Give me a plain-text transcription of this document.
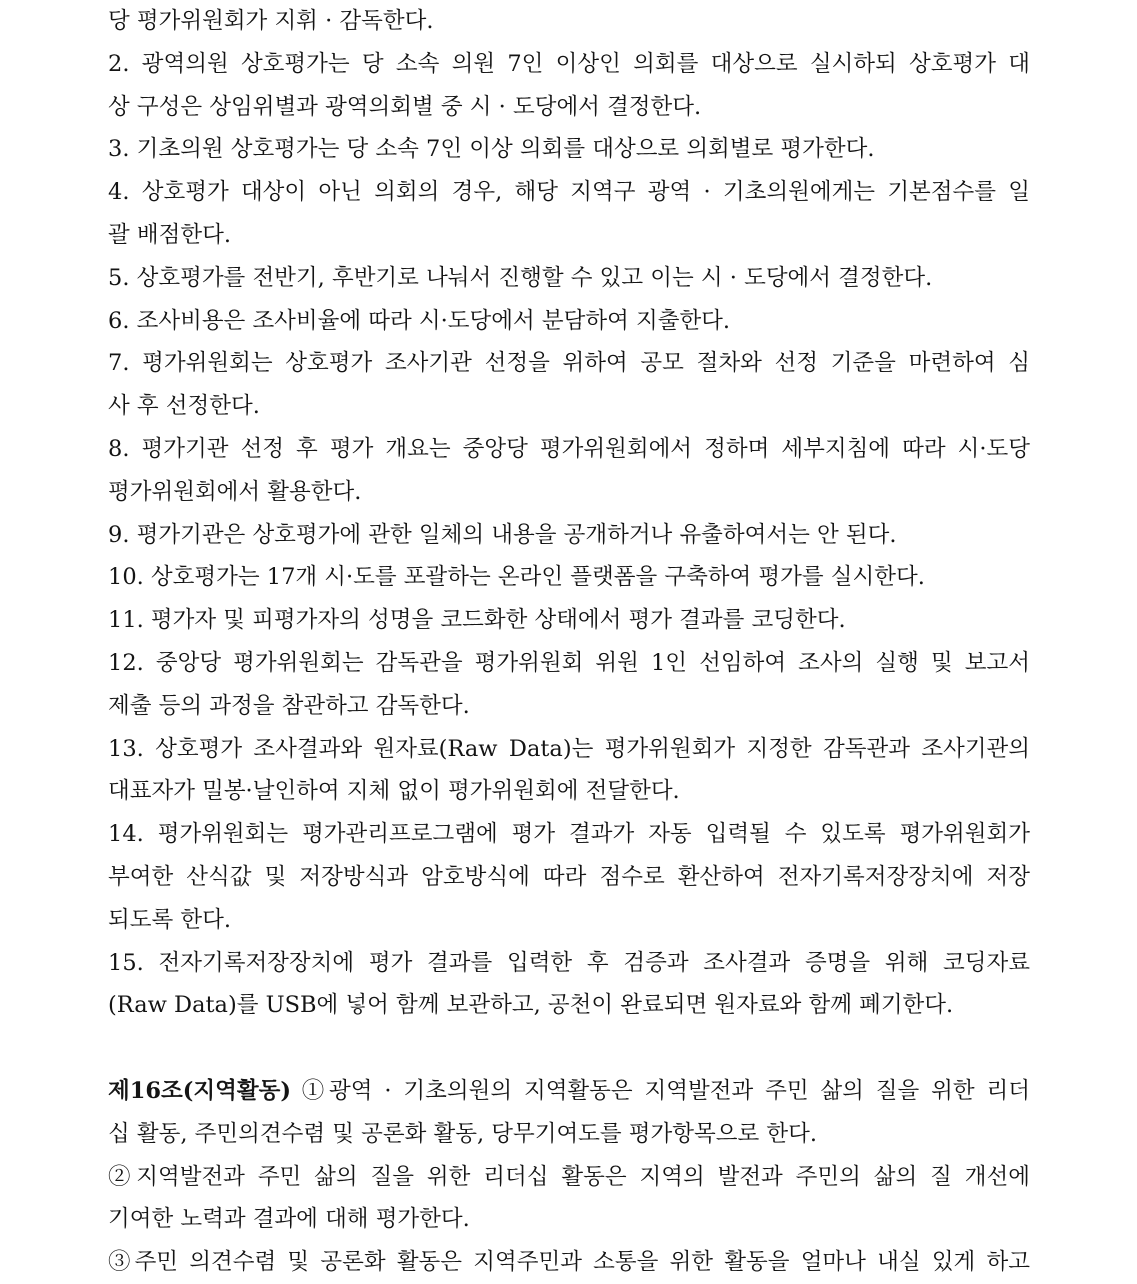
당 평가위원회가 지휘 · 감독한다.
2. 광역의원 상호평가는 당 소속 의원 7인 이상인 의회를 대상으로 실시하되 상호평가 대
상 구성은 상임위별과 광역의회별 중 시 · 도당에서 결정한다.
3. 기초의원 상호평가는 당 소속 7인 이상 의회를 대상으로 의회별로 평가한다.
4. 상호평가 대상이 아닌 의회의 경우, 해당 지역구 광역 · 기초의원에게는 기본점수를 일
괄 배점한다.
5. 상호평가를 전반기, 후반기로 나눠서 진행할 수 있고 이는 시 · 도당에서 결정한다.
6. 조사비용은 조사비율에 따라 시·도당에서 분담하여 지출한다.
7. 평가위원회는 상호평가 조사기관 선정을 위하여 공모 절차와 선정 기준을 마련하여 심
사 후 선정한다.
8. 평가기관 선정 후 평가 개요는 중앙당 평가위원회에서 정하며 세부지침에 따라 시·도당
평가위원회에서 활용한다.
9. 평가기관은 상호평가에 관한 일체의 내용을 공개하거나 유출하여서는 안 된다.
10. 상호평가는 17개 시·도를 포괄하는 온라인 플랫폼을 구축하여 평가를 실시한다.
11. 평가자 및 피평가자의 성명을 코드화한 상태에서 평가 결과를 코딩한다.
12. 중앙당 평가위원회는 감독관을 평가위원회 위원 1인 선임하여 조사의 실행 및 보고서
제출 등의 과정을 참관하고 감독한다.
13. 상호평가 조사결과와 원자료(Raw Data)는 평가위원회가 지정한 감독관과 조사기관의
대표자가 밀봉·날인하여 지체 없이 평가위원회에 전달한다.
14. 평가위원회는 평가관리프로그램에 평가 결과가 자동 입력될 수 있도록 평가위원회가
부여한 산식값 및 저장방식과 암호방식에 따라 점수로 환산하여 전자기록저장장치에 저장
되도록 한다.
15. 전자기록저장장치에 평가 결과를 입력한 후 검증과 조사결과 증명을 위해 코딩자료
(Raw Data)를 USB에 넣어 함께 보관하고, 공천이 완료되면 원자료와 함께 폐기한다.
제16조(지역활동) ①광역 · 기초의원의 지역활동은 지역발전과 주민 삶의 질을 위한 리더
십 활동, 주민의견수렴 및 공론화 활동, 당무기여도를 평가항목으로 한다.
②지역발전과 주민 삶의 질을 위한 리더십 활동은 지역의 발전과 주민의 삶의 질 개선에
기여한 노력과 결과에 대해 평가한다.
③주민 의견수렴 및 공론화 활동은 지역주민과 소통을 위한 활동을 얼마나 내실 있게 하고
